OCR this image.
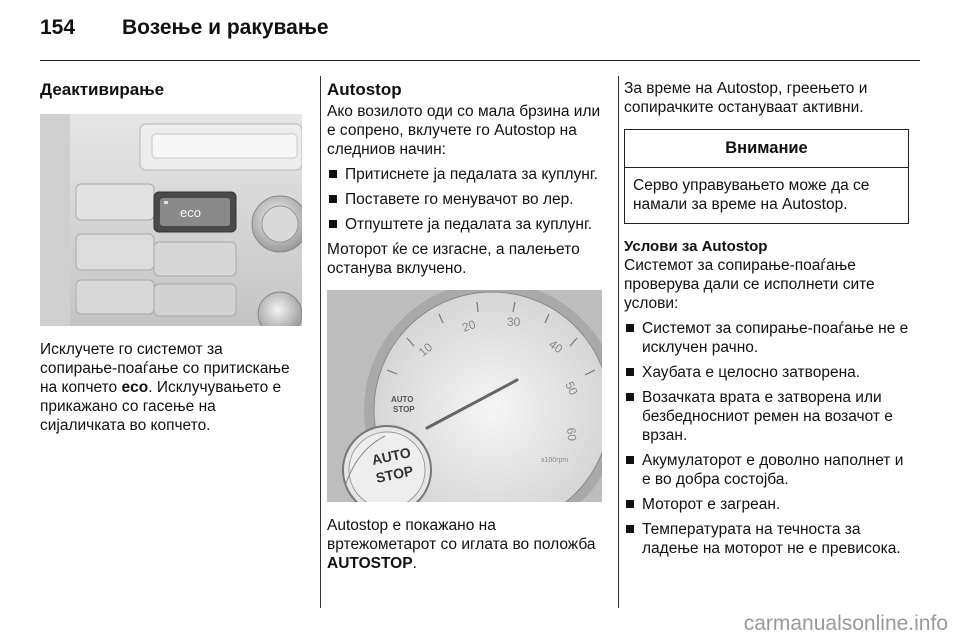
154	Возење и ракување
Деактивирање
eco

Исклучете го системот за сопирање-поаѓање со притискање на копчето eco. Исклучувањето е прикажано со гасење на сијаличката во копчето.

Autostop

Ако возилото оди со мала брзина или е сопрено, вклучете го Autostop на следниов начин:

Притиснете ја педалата за куплунг.
Поставете го менувачот во лер.
Отпуштете ја педалата за куплунг.

Моторот ќе се изгасне, а палењето останува вклучено.

10
20 30
40
50
60
x100rpm
AUTO
STOP
AUTO
STOP

Autostop е покажано на вртежометарот со иглата во положба AUTOSTOP.

За време на Autostop, греењето и сопирачките остануваат активни.

Внимание
Серво управувањето може да се намали за време на Autostop.
Услови за Autostop

Системот за сопирање-поаѓање проверува дали се исполнети сите услови:

Системот за сопирање-поаѓање не е исклучен рачно.
Хаубата е целосно затворена.
Возачката врата е затворена или безбедносниот ремен на возачот е врзан.
Акумулаторот е доволно наполнет и е во добра состојба.
Моторот е загреан.
Температурата на течноста за ладење на моторот не е превисока.
carmanualsonline.info
